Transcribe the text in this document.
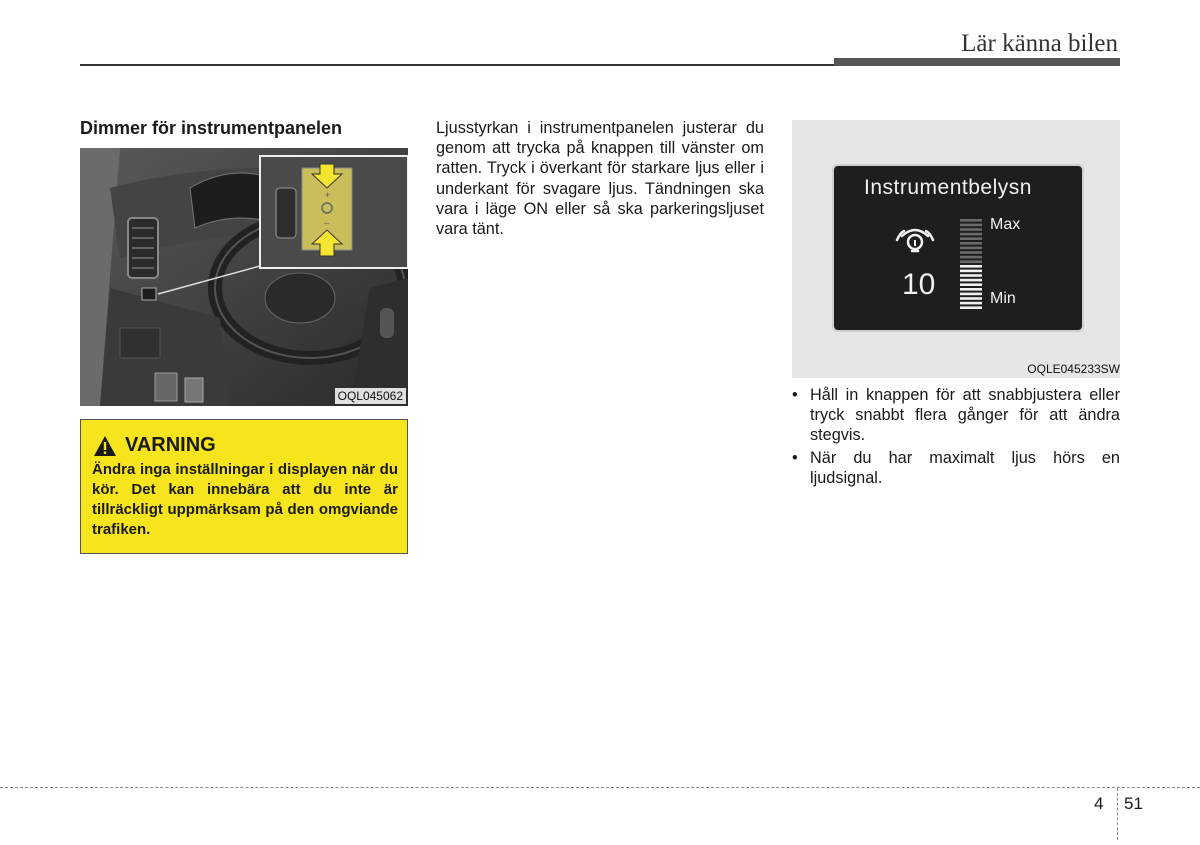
Lär känna bilen
Dimmer för instrumentpanelen
+
–
OQL045062
VARNING
Ändra inga inställningar i displayen när du kör. Det kan innebära att du inte är tillräckligt uppmärksam på den omgviande trafiken.
Ljusstyrkan i instrumentpanelen justerar du genom att trycka på knappen till vänster om ratten. Tryck i överkant för starkare ljus eller i underkant för svagare ljus. Tändningen ska vara i läge ON eller så ska parkeringsljuset vara tänt.
Instrumentbelysn
10
Max
Min
OQLE045233SW
• Håll in knappen för att snabbjustera eller tryck snabbt flera gånger för att ändra stegvis.
• När du har maximalt ljus hörs en ljudsignal.
4 51
